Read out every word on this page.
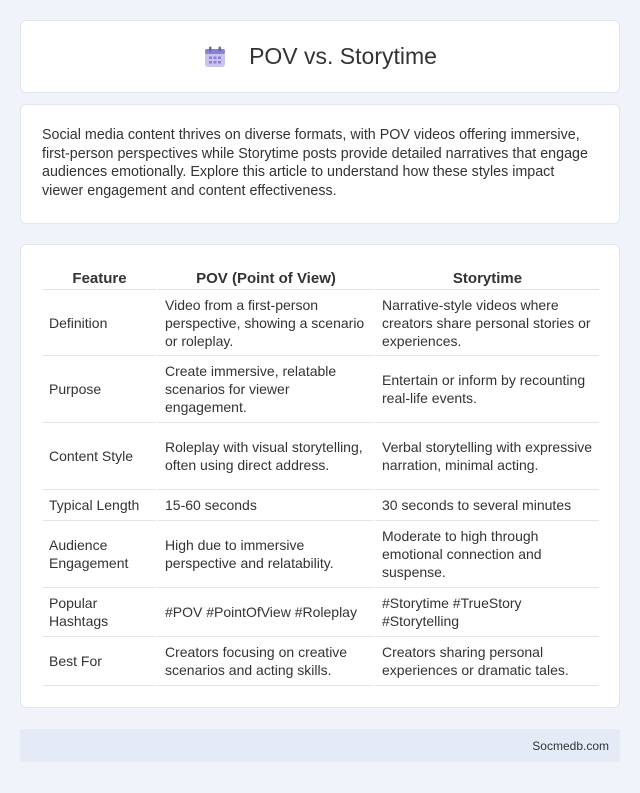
POV vs. Storytime

Social media content thrives on diverse formats, with POV videos offering immersive, first-person perspectives while Storytime posts provide detailed narratives that engage audiences emotionally. Explore this article to understand how these styles impact viewer engagement and content effectiveness.

Feature	POV (Point of View)	Storytime
Definition	Video from a first-person perspective, showing a scenario or roleplay.	Narrative-style videos where creators share personal stories or experiences.
Purpose	Create immersive, relatable scenarios for viewer engagement.	Entertain or inform by recounting real-life events.
Content Style	Roleplay with visual storytelling, often using direct address.	Verbal storytelling with expressive narration, minimal acting.
Typical Length	15-60 seconds	30 seconds to several minutes
Audience Engagement	High due to immersive perspective and relatability.	Moderate to high through emotional connection and suspense.
Popular Hashtags	#POV #PointOfView #Roleplay	#Storytime #TrueStory #Storytelling
Best For	Creators focusing on creative scenarios and acting skills.	Creators sharing personal experiences or dramatic tales.
Socmedb.com
